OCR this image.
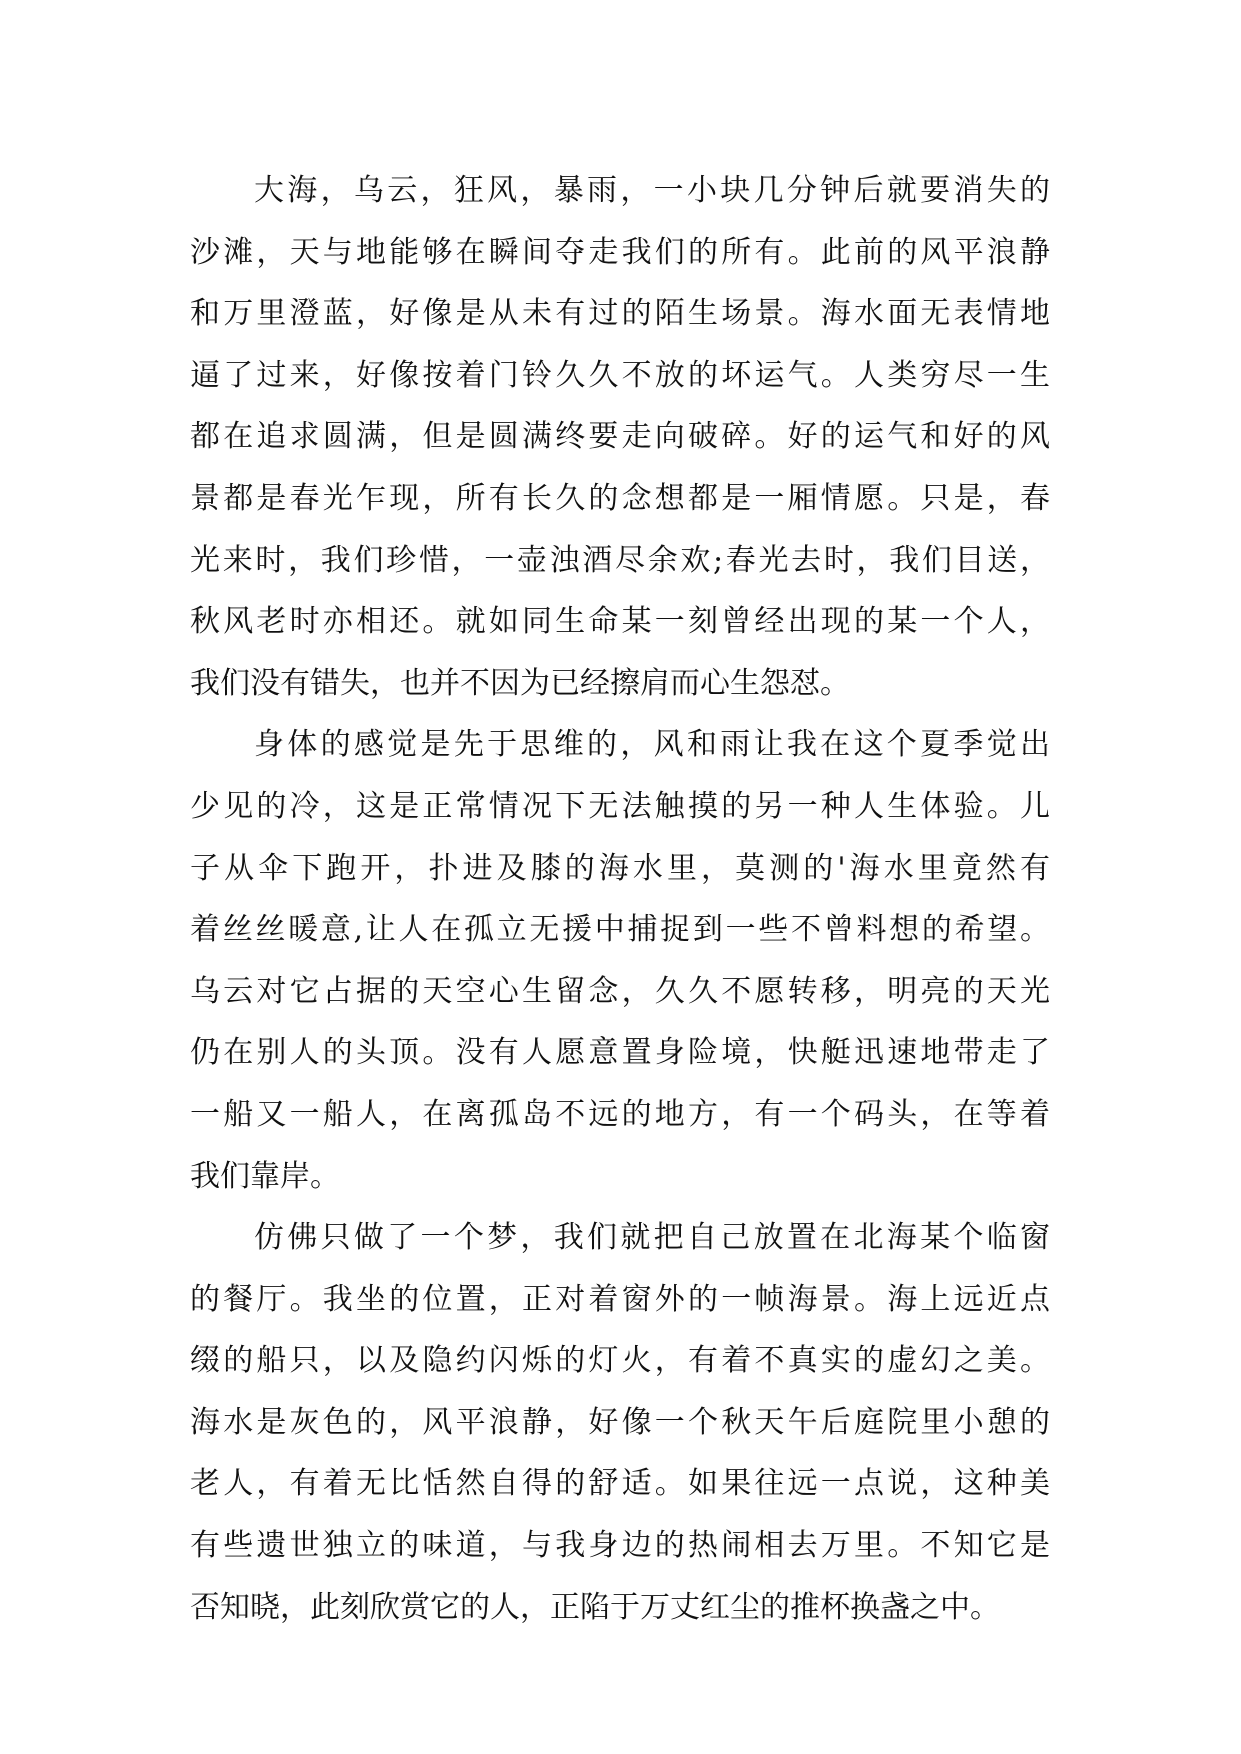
大海，乌云，狂风，暴雨，一小块几分钟后就要消失的
沙滩，天与地能够在瞬间夺走我们的所有。此前的风平浪静
和万里澄蓝，好像是从未有过的陌生场景。海水面无表情地
逼了过来，好像按着门铃久久不放的坏运气。人类穷尽一生
都在追求圆满，但是圆满终要走向破碎。好的运气和好的风
景都是春光乍现，所有长久的念想都是一厢情愿。只是，春
光来时，我们珍惜，一壶浊酒尽余欢;春光去时，我们目送，
秋风老时亦相还。就如同生命某一刻曾经出现的某一个人，
我们没有错失，也并不因为已经擦肩而心生怨怼。
身体的感觉是先于思维的，风和雨让我在这个夏季觉出
少见的冷，这是正常情况下无法触摸的另一种人生体验。儿
子从伞下跑开，扑进及膝的海水里，莫测的'海水里竟然有
着丝丝暖意,让人在孤立无援中捕捉到一些不曾料想的希望。
乌云对它占据的天空心生留念，久久不愿转移，明亮的天光
仍在别人的头顶。没有人愿意置身险境，快艇迅速地带走了
一船又一船人，在离孤岛不远的地方，有一个码头，在等着
我们靠岸。
仿佛只做了一个梦，我们就把自己放置在北海某个临窗
的餐厅。我坐的位置，正对着窗外的一帧海景。海上远近点
缀的船只，以及隐约闪烁的灯火，有着不真实的虚幻之美。
海水是灰色的，风平浪静，好像一个秋天午后庭院里小憩的
老人，有着无比恬然自得的舒适。如果往远一点说，这种美
有些遗世独立的味道，与我身边的热闹相去万里。不知它是
否知晓，此刻欣赏它的人，正陷于万丈红尘的推杯换盏之中。
